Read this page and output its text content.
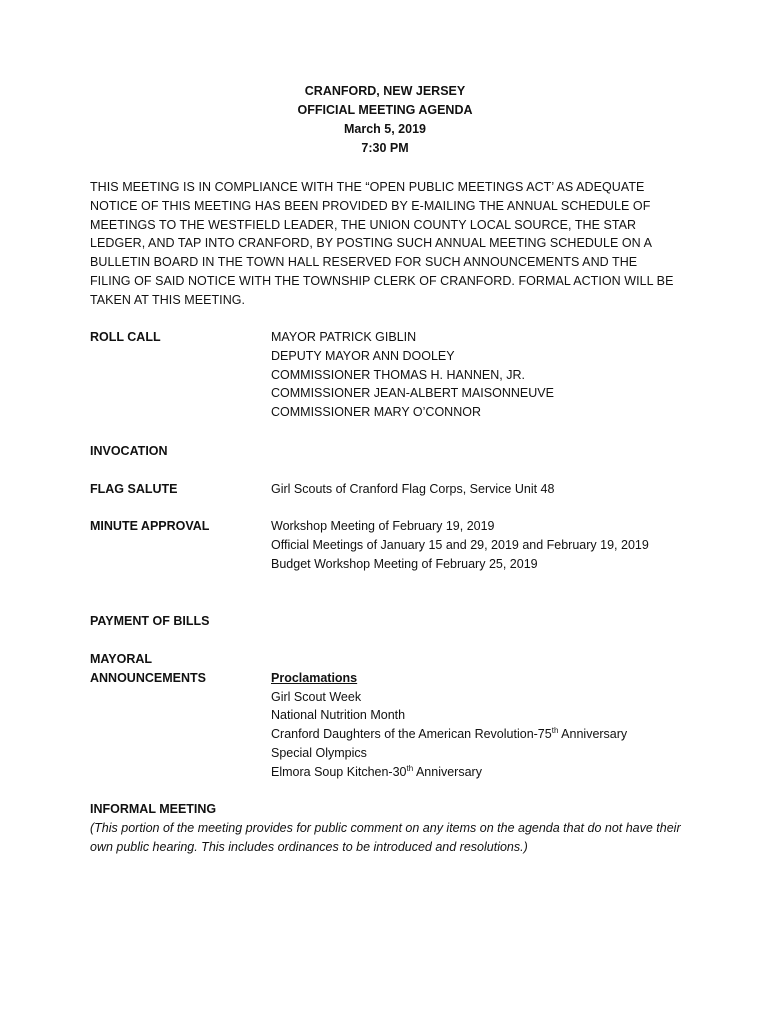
CRANFORD, NEW JERSEY
OFFICIAL MEETING AGENDA
March 5, 2019
7:30 PM
THIS MEETING IS IN COMPLIANCE WITH THE “OPEN PUBLIC MEETINGS ACT’ AS ADEQUATE NOTICE OF THIS MEETING HAS BEEN PROVIDED BY E-MAILING THE ANNUAL SCHEDULE OF MEETINGS TO THE WESTFIELD LEADER, THE UNION COUNTY LOCAL SOURCE, THE STAR LEDGER, AND TAP INTO CRANFORD, BY POSTING SUCH ANNUAL MEETING SCHEDULE ON A BULLETIN BOARD IN THE TOWN HALL RESERVED FOR SUCH ANNOUNCEMENTS AND THE FILING OF SAID NOTICE WITH THE TOWNSHIP CLERK OF CRANFORD. FORMAL ACTION WILL BE TAKEN AT THIS MEETING.
ROLL CALL	MAYOR PATRICK GIBLIN
DEPUTY MAYOR ANN DOOLEY
COMMISSIONER THOMAS H. HANNEN, JR.
COMMISSIONER JEAN-ALBERT MAISONNEUVE
COMMISSIONER MARY O’CONNOR
INVOCATION
FLAG SALUTE	Girl Scouts of Cranford Flag Corps, Service Unit 48
MINUTE APPROVAL	Workshop Meeting of February 19, 2019
Official Meetings of January 15 and 29, 2019 and February 19, 2019
Budget Workshop Meeting of February 25, 2019
PAYMENT OF BILLS
MAYORAL
ANNOUNCEMENTS	Proclamations
Girl Scout Week
National Nutrition Month
Cranford Daughters of the American Revolution-75th Anniversary
Special Olympics
Elmora Soup Kitchen-30th Anniversary
INFORMAL MEETING
(This portion of the meeting provides for public comment on any items on the agenda that do not have their own public hearing. This includes ordinances to be introduced and resolutions.)
